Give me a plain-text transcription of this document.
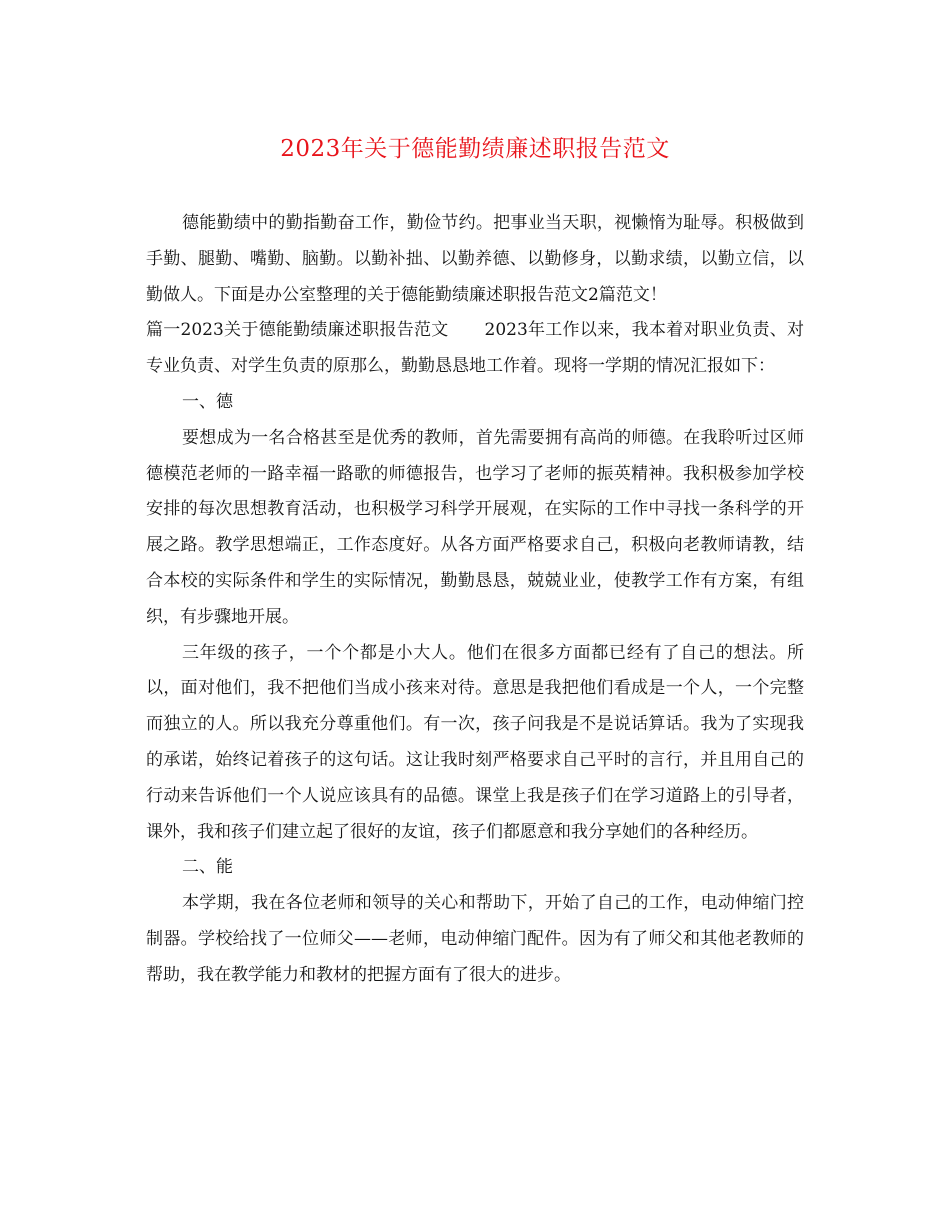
2023年关于德能勤绩廉述职报告范文

德能勤绩中的勤指勤奋工作，勤俭节约。把事业当天职，视懒惰为耻辱。积极做到手勤、腿勤、嘴勤、脑勤。以勤补拙、以勤养德、以勤修身，以勤求绩，以勤立信，以勤做人。下面是办公室整理的关于德能勤绩廉述职报告范文2篇范文！

篇一2023关于德能勤绩廉述职报告范文 2023年工作以来，我本着对职业负责、对专业负责、对学生负责的原那么，勤勤恳恳地工作着。现将一学期的情况汇报如下：

一、德

要想成为一名合格甚至是优秀的教师，首先需要拥有高尚的师德。在我聆听过区师德模范老师的一路幸福一路歌的师德报告，也学习了老师的振英精神。我积极参加学校安排的每次思想教育活动，也积极学习科学开展观，在实际的工作中寻找一条科学的开展之路。教学思想端正，工作态度好。从各方面严格要求自己，积极向老教师请教，结合本校的实际条件和学生的实际情况，勤勤恳恳，兢兢业业，使教学工作有方案，有组织，有步骤地开展。

三年级的孩子，一个个都是小大人。他们在很多方面都已经有了自己的想法。所以，面对他们，我不把他们当成小孩来对待。意思是我把他们看成是一个人，一个完整而独立的人。所以我充分尊重他们。有一次，孩子问我是不是说话算话。我为了实现我的承诺，始终记着孩子的这句话。这让我时刻严格要求自己平时的言行，并且用自己的行动来告诉他们一个人说应该具有的品德。课堂上我是孩子们在学习道路上的引导者，课外，我和孩子们建立起了很好的友谊，孩子们都愿意和我分享她们的各种经历。

二、能

本学期，我在各位老师和领导的关心和帮助下，开始了自己的工作，电动伸缩门控制器。学校给找了一位师父——老师，电动伸缩门配件。因为有了师父和其他老教师的帮助，我在教学能力和教材的把握方面有了很大的进步。
